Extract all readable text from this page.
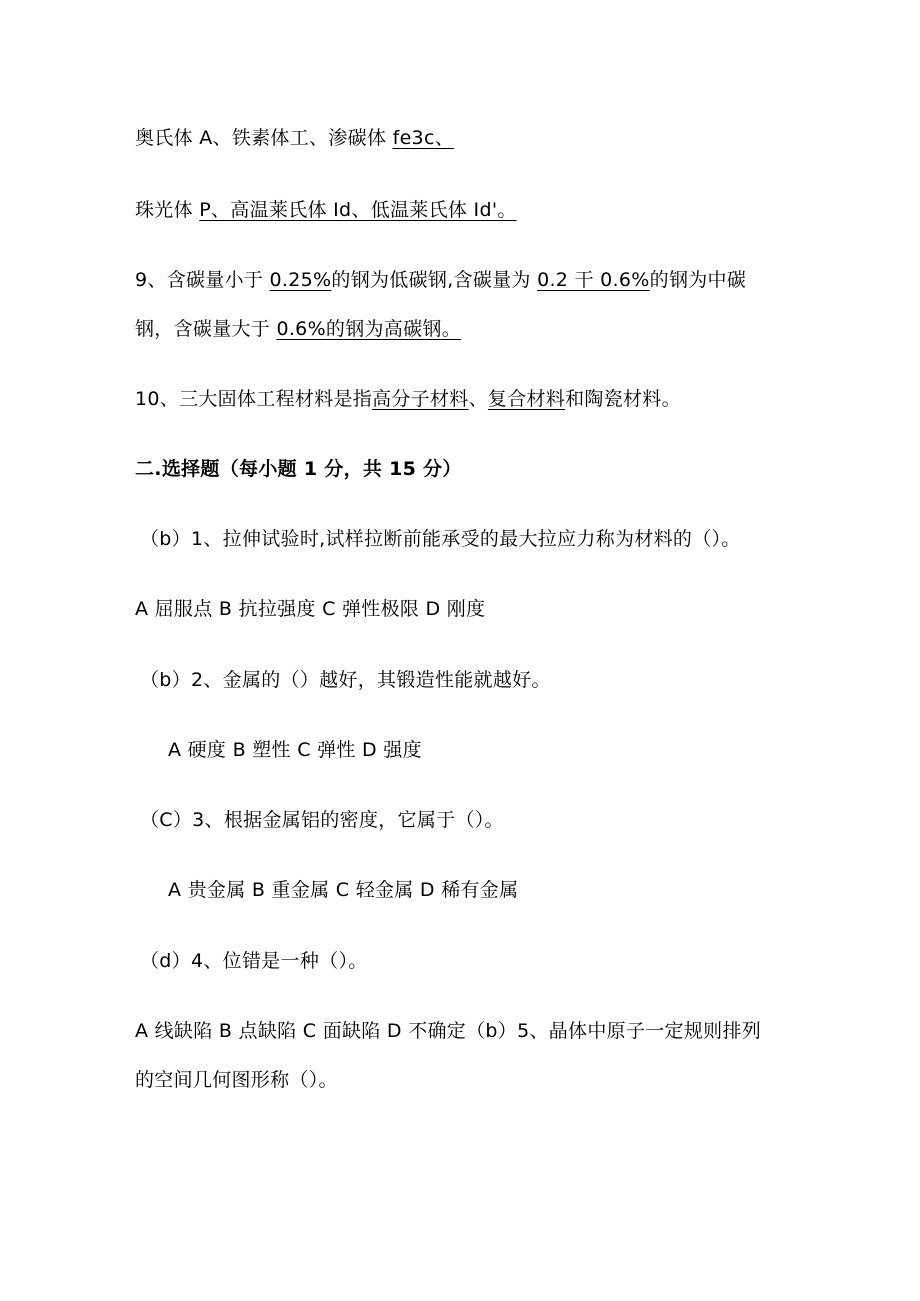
奥氏体 A、铁素体工、渗碳体 fe3c、
珠光体 P、高温莱氏体 Id、低温莱氏体 Id'。
9、含碳量小于 0.25%的钢为低碳钢,含碳量为 0.2 干 0.6%的钢为中碳
钢，含碳量大于 0.6%的钢为高碳钢。
10、三大固体工程材料是指高分子材料、复合材料和陶瓷材料。
二.选择题（每小题 1 分，共 15 分）
（b）1、拉伸试验时,试样拉断前能承受的最大拉应力称为材料的（）。
A 屈服点 B 抗拉强度 C 弹性极限 D 刚度
（b）2、金属的（）越好，其锻造性能就越好。
A 硬度 B 塑性 C 弹性 D 强度
（C）3、根据金属铝的密度，它属于（）。
A 贵金属 B 重金属 C 轻金属 D 稀有金属
（d）4、位错是一种（）。
A 线缺陷 B 点缺陷 C 面缺陷 D 不确定（b）5、晶体中原子一定规则排列
的空间几何图形称（）。
